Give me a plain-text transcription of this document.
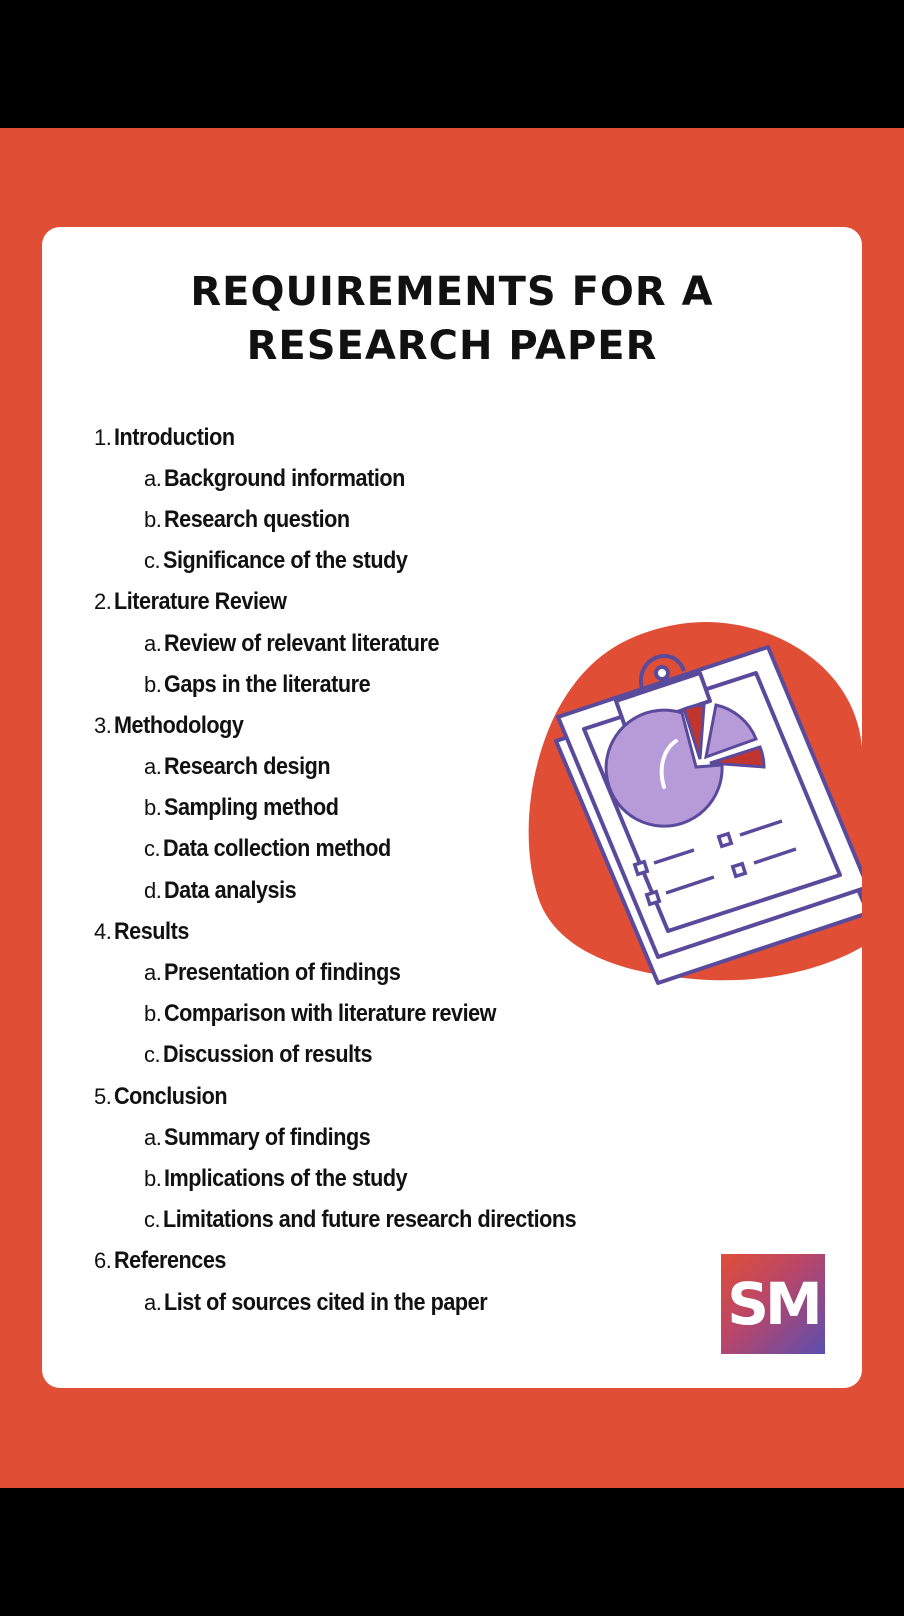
REQUIREMENTS FOR A
RESEARCH PAPER
1. Introduction
a. Background information
b. Research question
c. Significance of the study
2. Literature Review
a. Review of relevant literature
b. Gaps in the literature
3. Methodology
a. Research design
b. Sampling method
c. Data collection method
d. Data analysis
4. Results
a. Presentation of findings
b. Comparison with literature review
c. Discussion of results
5. Conclusion
a. Summary of findings
b. Implications of the study
c. Limitations and future research directions
6. References
a. List of sources cited in the paper	SM
